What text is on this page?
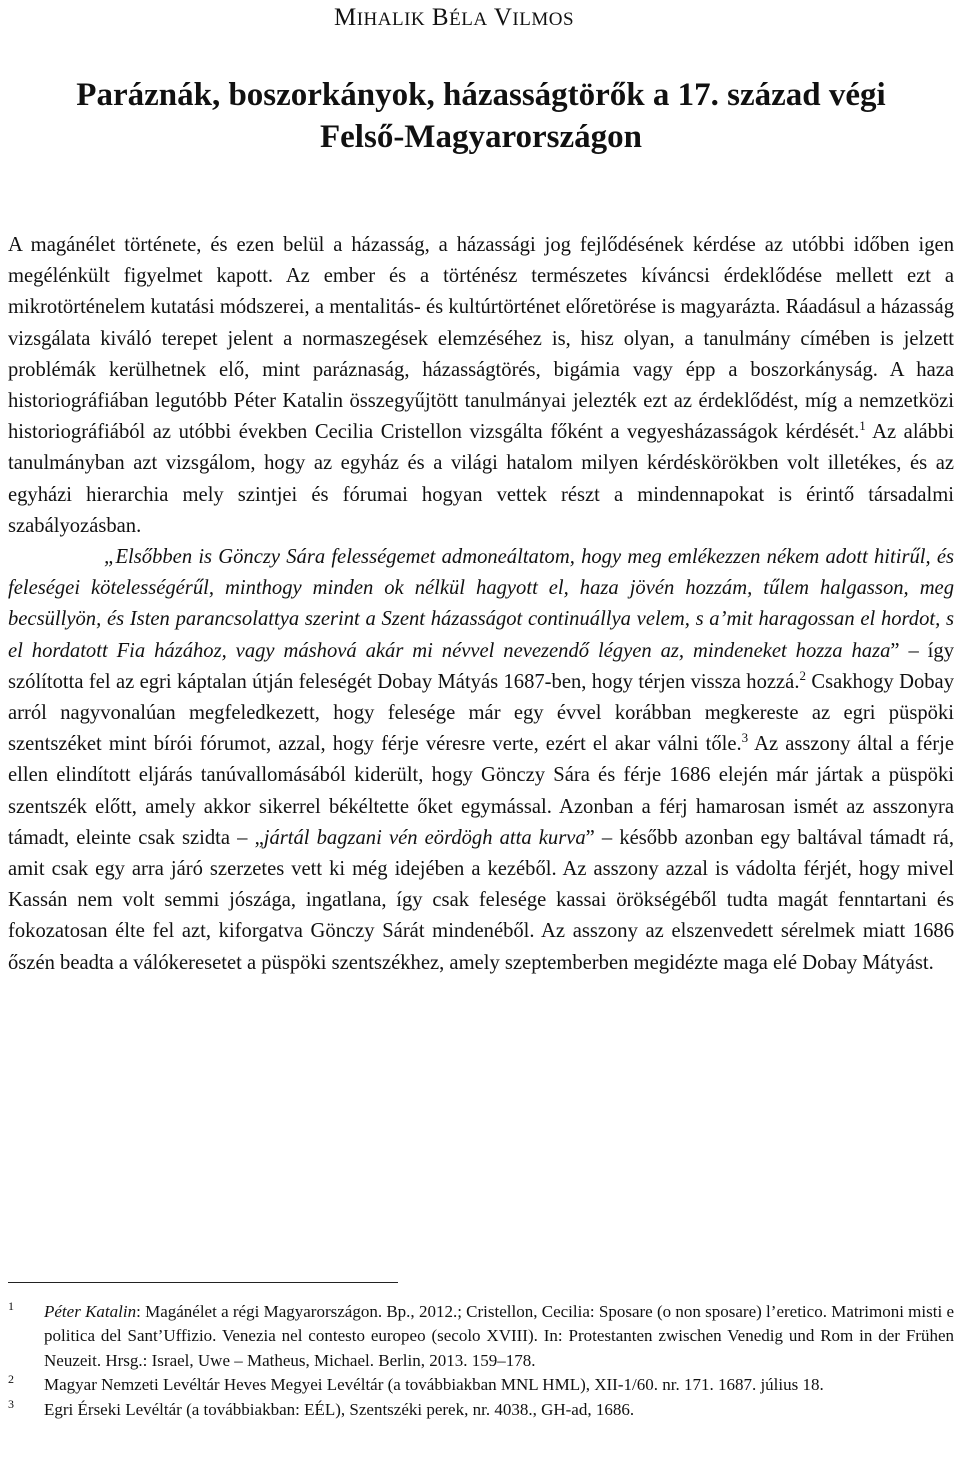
MIHALIK BÉLA VILMOS
Paráznák, boszorkányok, házasságtörők a 17. század végi
Felső-Magyarországon

A magánélet története, és ezen belül a házasság, a házassági jog fejlődésének kérdése az utóbbi időben igen megélénkült figyelmet kapott. Az ember és a történész természetes kíváncsi érdeklődése mellett ezt a mikrotörténelem kutatási módszerei, a mentalitás- és kultúrtörténet előretörése is magyarázta. Ráadásul a házasság vizsgálata kiváló terepet jelent a normaszegések elemzéséhez is, hisz olyan, a tanulmány címében is jelzett problémák kerülhetnek elő, mint paráznaság, házasságtörés, bigámia vagy épp a boszorkányság. A haza historiográfiában legutóbb Péter Katalin összegyűjtött tanulmányai jelezték ezt az érdeklődést, míg a nemzetközi historiográfiából az utóbbi években Cecilia Cristellon vizsgálta főként a vegyesházasságok kérdését.$^1$ Az alábbi tanulmányban azt vizsgálom, hogy az egyház és a világi hatalom milyen kérdéskörökben volt illetékes, és az egyházi hierarchia mely szintjei és fórumai hogyan vettek részt a mindennapokat is érintő társadalmi szabályozásban.

„Elsőbben is Gönczy Sára felességemet admoneáltatom, hogy meg emlékezzen nékem adott hitirűl, és feleségei kötelességérűl, minthogy minden ok nélkül hagyott el, haza jövén hozzám, tűlem halgasson, meg becsüllyön, és Isten parancsolattya szerint a Szent házasságot continuállya velem, s a’mit haragossan el hordot, s el hordatott Fia házához, vagy máshová akár mi névvel nevezendő légyen az, mindeneket hozza haza” – így szólította fel az egri káptalan útján feleségét Dobay Mátyás 1687-ben, hogy térjen vissza hozzá.$^2$ Csakhogy Dobay arról nagyvonalúan megfeledkezett, hogy felesége már egy évvel korábban megkereste az egri püspöki szentszéket mint bírói fórumot, azzal, hogy férje véresre verte, ezért el akar válni tőle.$^3$ Az asszony által a férje ellen elindított eljárás tanúvallomásából kiderült, hogy Gönczy Sára és férje 1686 elején már jártak a püspöki szentszék előtt, amely akkor sikerrel békéltette őket egymással. Azonban a férj hamarosan ismét az asszonyra támadt, eleinte csak szidta – „jártál bagzani vén eördögh atta kurva” – később azonban egy baltával támadt rá, amit csak egy arra járó szerzetes vett ki még idejében a kezéből. Az asszony azzal is vádolta férjét, hogy mivel Kassán nem volt semmi jószága, ingatlana, így csak felesége kassai örökségéből tudta magát fenntartani és fokozatosan élte fel azt, kiforgatva Gönczy Sárát mindenéből. Az asszony az elszenvedett sérelmek miatt 1686 őszén beadta a válókeresetet a püspöki szentszékhez, amely szeptemberben megidézte maga elé Dobay Mátyást.

1 Péter Katalin: Magánélet a régi Magyarországon. Bp., 2012.; Cristellon, Cecilia: Sposare (o non sposare) l’eretico. Matrimoni misti e politica del Sant’Uffizio. Venezia nel contesto europeo (secolo XVIII). In: Protestanten zwischen Venedig und Rom in der Frühen Neuzeit. Hrsg.: Israel, Uwe – Matheus, Michael. Berlin, 2013. 159–178.

2 Magyar Nemzeti Levéltár Heves Megyei Levéltár (a továbbiakban MNL HML), XII-1/60. nr. 171. 1687. július 18.

3 Egri Érseki Levéltár (a továbbiakban: EÉL), Szentszéki perek, nr. 4038., GH-ad, 1686.
